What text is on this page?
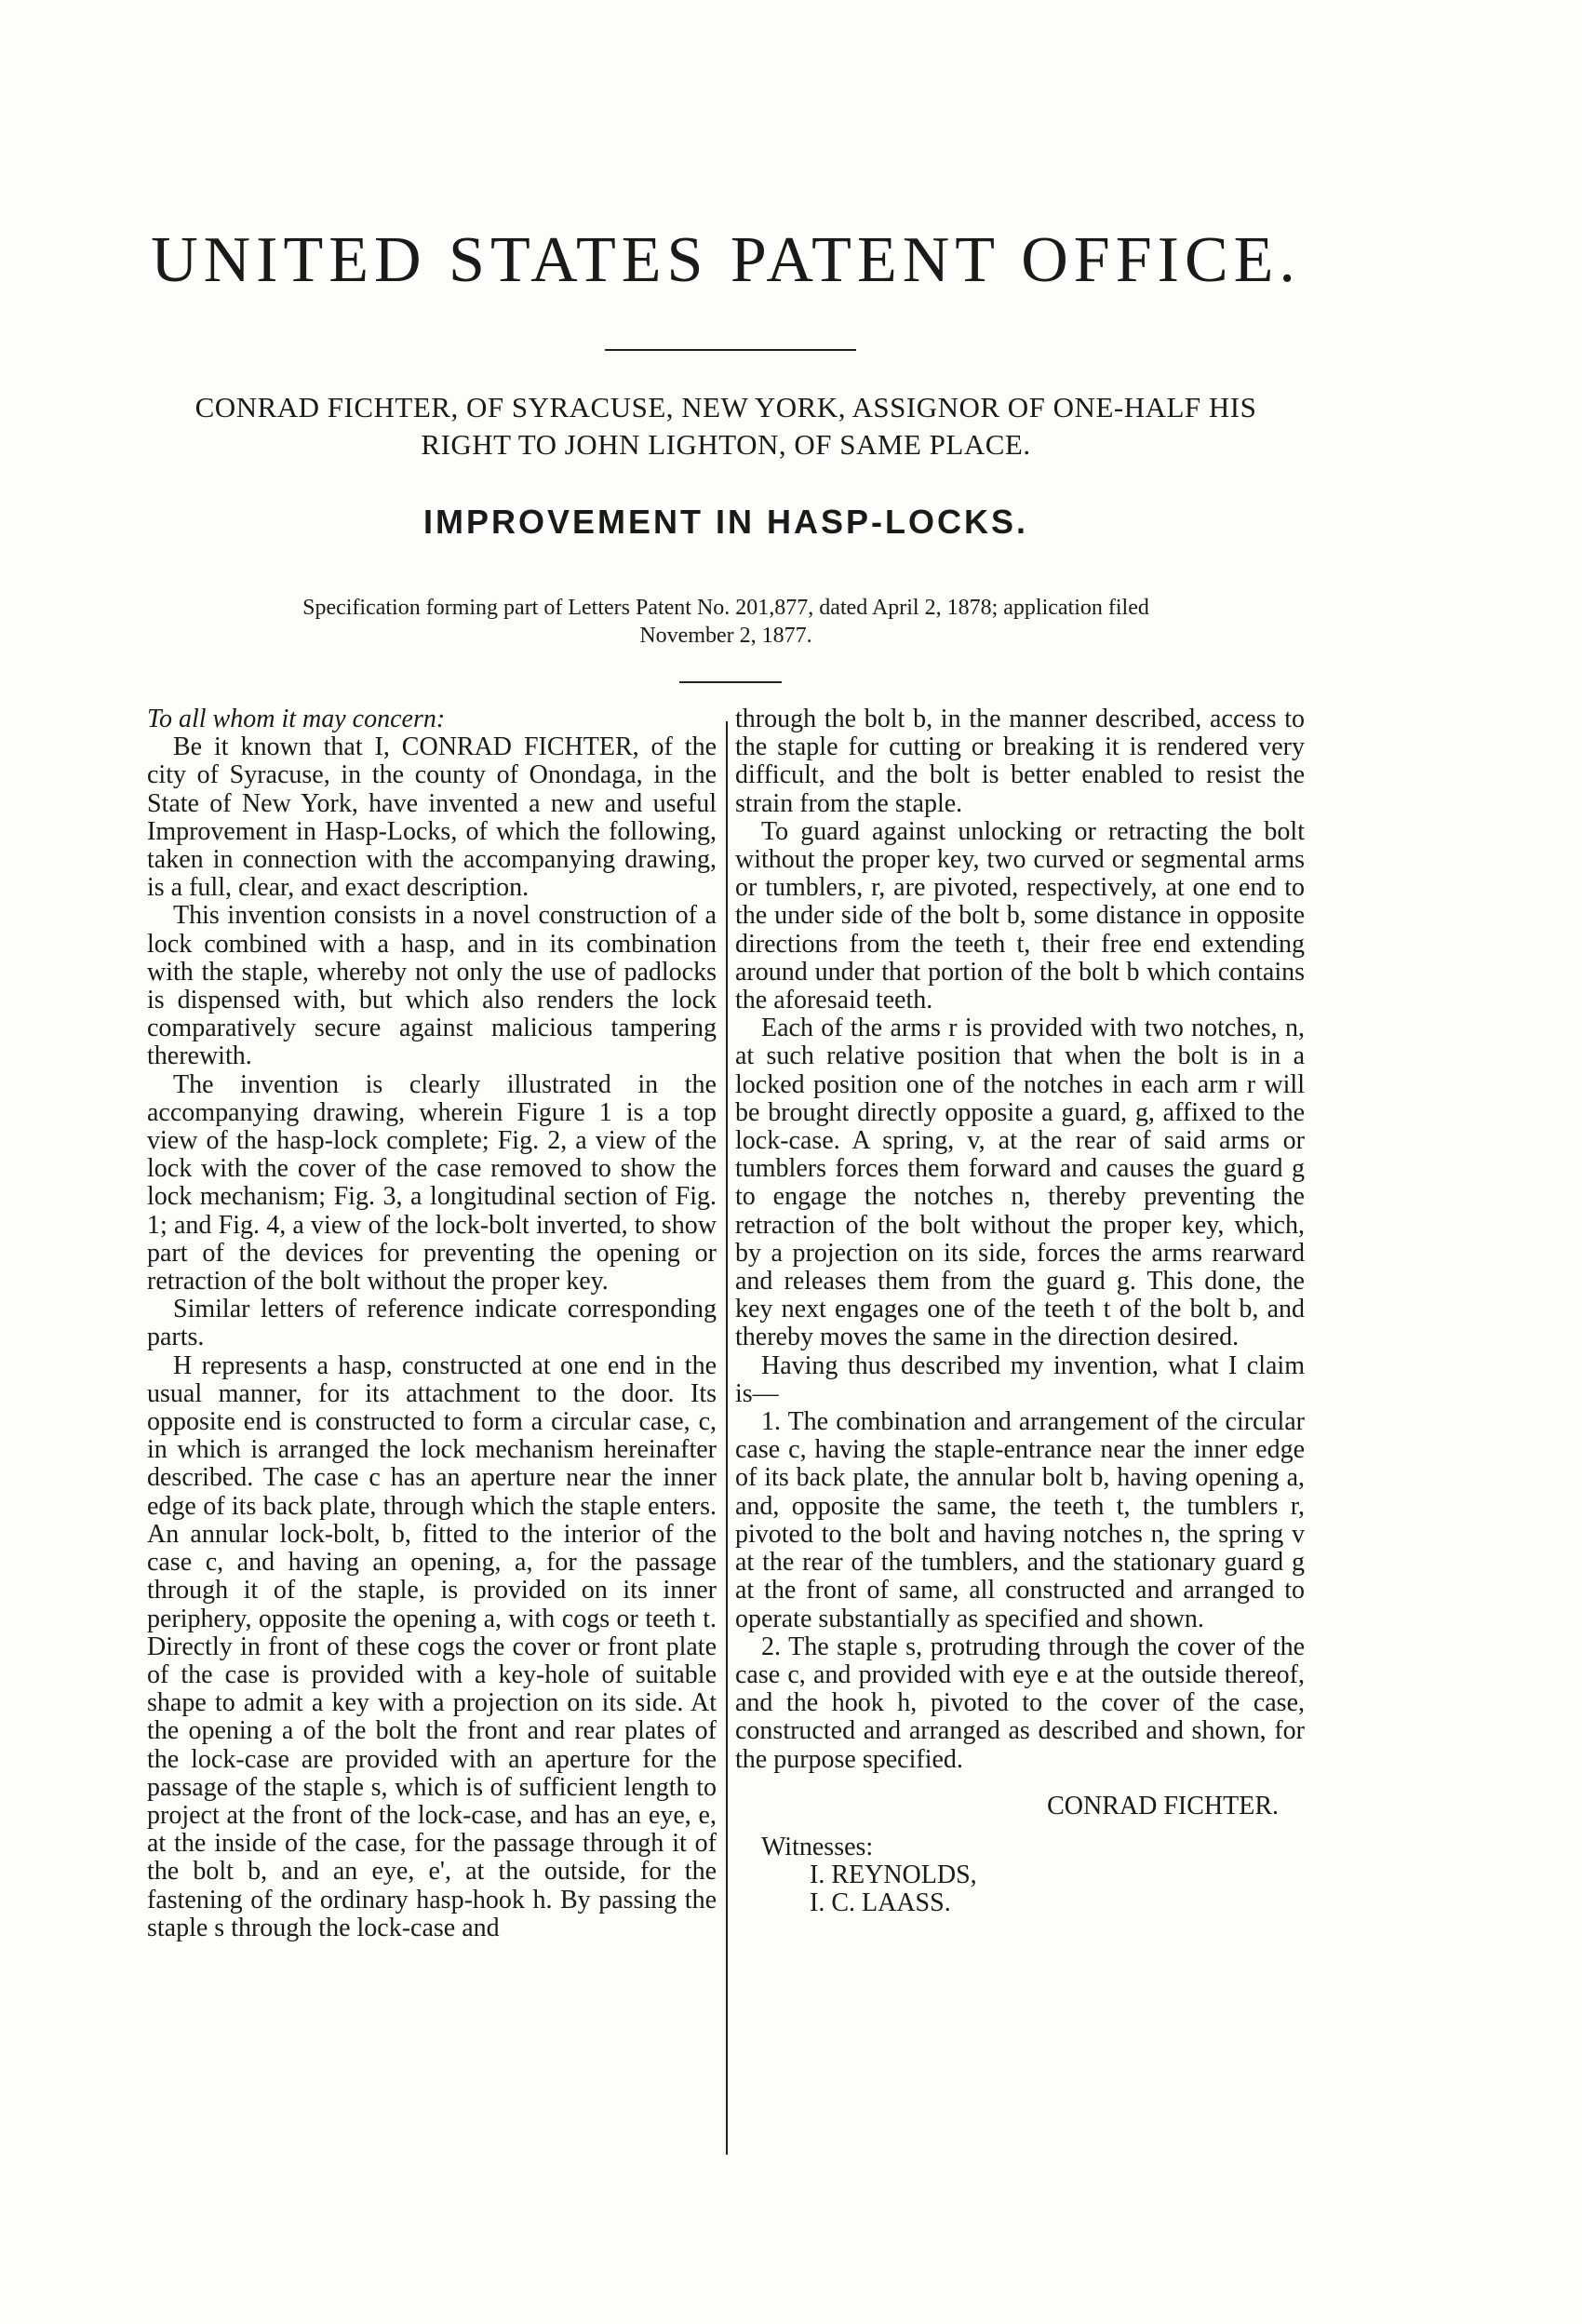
UNITED STATES PATENT OFFICE.
CONRAD FICHTER, OF SYRACUSE, NEW YORK, ASSIGNOR OF ONE-HALF HIS
RIGHT TO JOHN LIGHTON, OF SAME PLACE.
IMPROVEMENT IN HASP-LOCKS.
Specification forming part of Letters Patent No. 201,877, dated April 2, 1878; application filed
November 2, 1877.

To all whom it may concern:

Be it known that I, CONRAD FICHTER, of the city of Syracuse, in the county of Onondaga, in the State of New York, have invented a new and useful Improvement in Hasp-Locks, of which the following, taken in connection with the accompanying drawing, is a full, clear, and exact description.

This invention consists in a novel construction of a lock combined with a hasp, and in its combination with the staple, whereby not only the use of padlocks is dispensed with, but which also renders the lock comparatively secure against malicious tampering therewith.

The invention is clearly illustrated in the accompanying drawing, wherein Figure 1 is a top view of the hasp-lock complete; Fig. 2, a view of the lock with the cover of the case removed to show the lock mechanism; Fig. 3, a longitudinal section of Fig. 1; and Fig. 4, a view of the lock-bolt inverted, to show part of the devices for preventing the opening or retraction of the bolt without the proper key.

Similar letters of reference indicate corresponding parts.

H represents a hasp, constructed at one end in the usual manner, for its attachment to the door. Its opposite end is constructed to form a circular case, c, in which is arranged the lock mechanism hereinafter described. The case c has an aperture near the inner edge of its back plate, through which the staple enters. An annular lock-bolt, b, fitted to the interior of the case c, and having an opening, a, for the passage through it of the staple, is provided on its inner periphery, opposite the opening a, with cogs or teeth t. Directly in front of these cogs the cover or front plate of the case is provided with a key-hole of suitable shape to admit a key with a projection on its side. At the opening a of the bolt the front and rear plates of the lock-case are provided with an aperture for the passage of the staple s, which is of sufficient length to project at the front of the lock-case, and has an eye, e, at the inside of the case, for the passage through it of the bolt b, and an eye, e', at the outside, for the fastening of the ordinary hasp-hook h. By passing the staple s through the lock-case and

through the bolt b, in the manner described, access to the staple for cutting or breaking it is rendered very difficult, and the bolt is better enabled to resist the strain from the staple.

To guard against unlocking or retracting the bolt without the proper key, two curved or segmental arms or tumblers, r, are pivoted, respectively, at one end to the under side of the bolt b, some distance in opposite directions from the teeth t, their free end extending around under that portion of the bolt b which contains the aforesaid teeth.

Each of the arms r is provided with two notches, n, at such relative position that when the bolt is in a locked position one of the notches in each arm r will be brought directly opposite a guard, g, affixed to the lock-case. A spring, v, at the rear of said arms or tumblers forces them forward and causes the guard g to engage the notches n, thereby preventing the retraction of the bolt without the proper key, which, by a projection on its side, forces the arms rearward and releases them from the guard g. This done, the key next engages one of the teeth t of the bolt b, and thereby moves the same in the direction desired.

Having thus described my invention, what I claim is—

1. The combination and arrangement of the circular case c, having the staple-entrance near the inner edge of its back plate, the annular bolt b, having opening a, and, opposite the same, the teeth t, the tumblers r, pivoted to the bolt and having notches n, the spring v at the rear of the tumblers, and the stationary guard g at the front of same, all constructed and arranged to operate substantially as specified and shown.

2. The staple s, protruding through the cover of the case c, and provided with eye e at the outside thereof, and the hook h, pivoted to the cover of the case, constructed and arranged as described and shown, for the purpose specified.

CONRAD FICHTER.

Witnesses:

I. REYNOLDS,

I. C. LAASS.
